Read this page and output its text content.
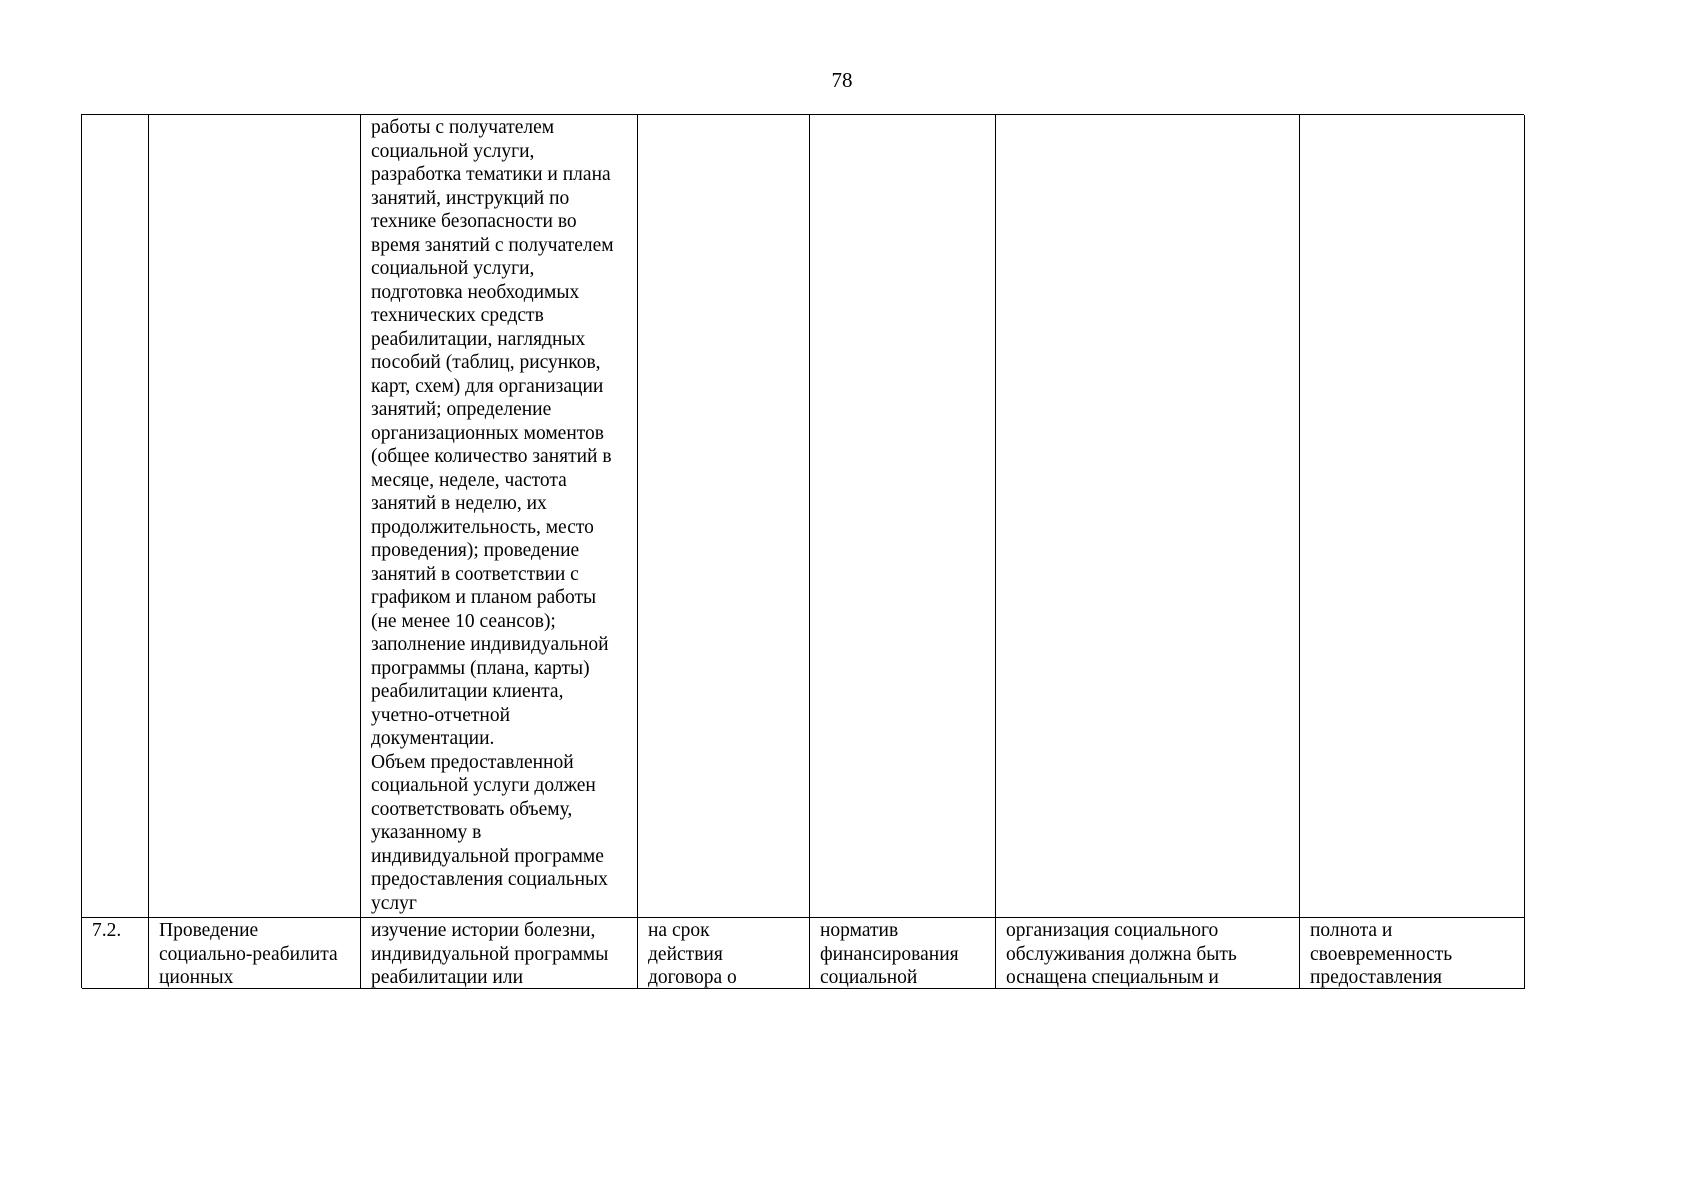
78
работы с получателем
социальной услуги,
разработка тематики и плана
занятий, инструкций по
технике безопасности во
время занятий с получателем
социальной услуги,
подготовка необходимых
технических средств
реабилитации, наглядных
пособий (таблиц, рисунков,
карт, схем) для организации
занятий; определение
организационных моментов
(общее количество занятий в
месяце, неделе, частота
занятий в неделю, их
продолжительность, место
проведения); проведение
занятий в соответствии с
графиком и планом работы
(не менее 10 сеансов);
заполнение индивидуальной
программы (плана, карты)
реабилитации клиента,
учетно-отчетной
документации.
Объем предоставленной
социальной услуги должен
соответствовать объему,
указанному в
индивидуальной программе
предоставления социальных
услуг
7.2.	Проведение
социально-реабилита
ционных
изучение истории болезни,
индивидуальной программы
реабилитации или
на срок
действия
договора о
норматив
финансирования
социальной
организация социального
обслуживания должна быть
оснащена специальным и
полнота и
своевременность
предоставления
